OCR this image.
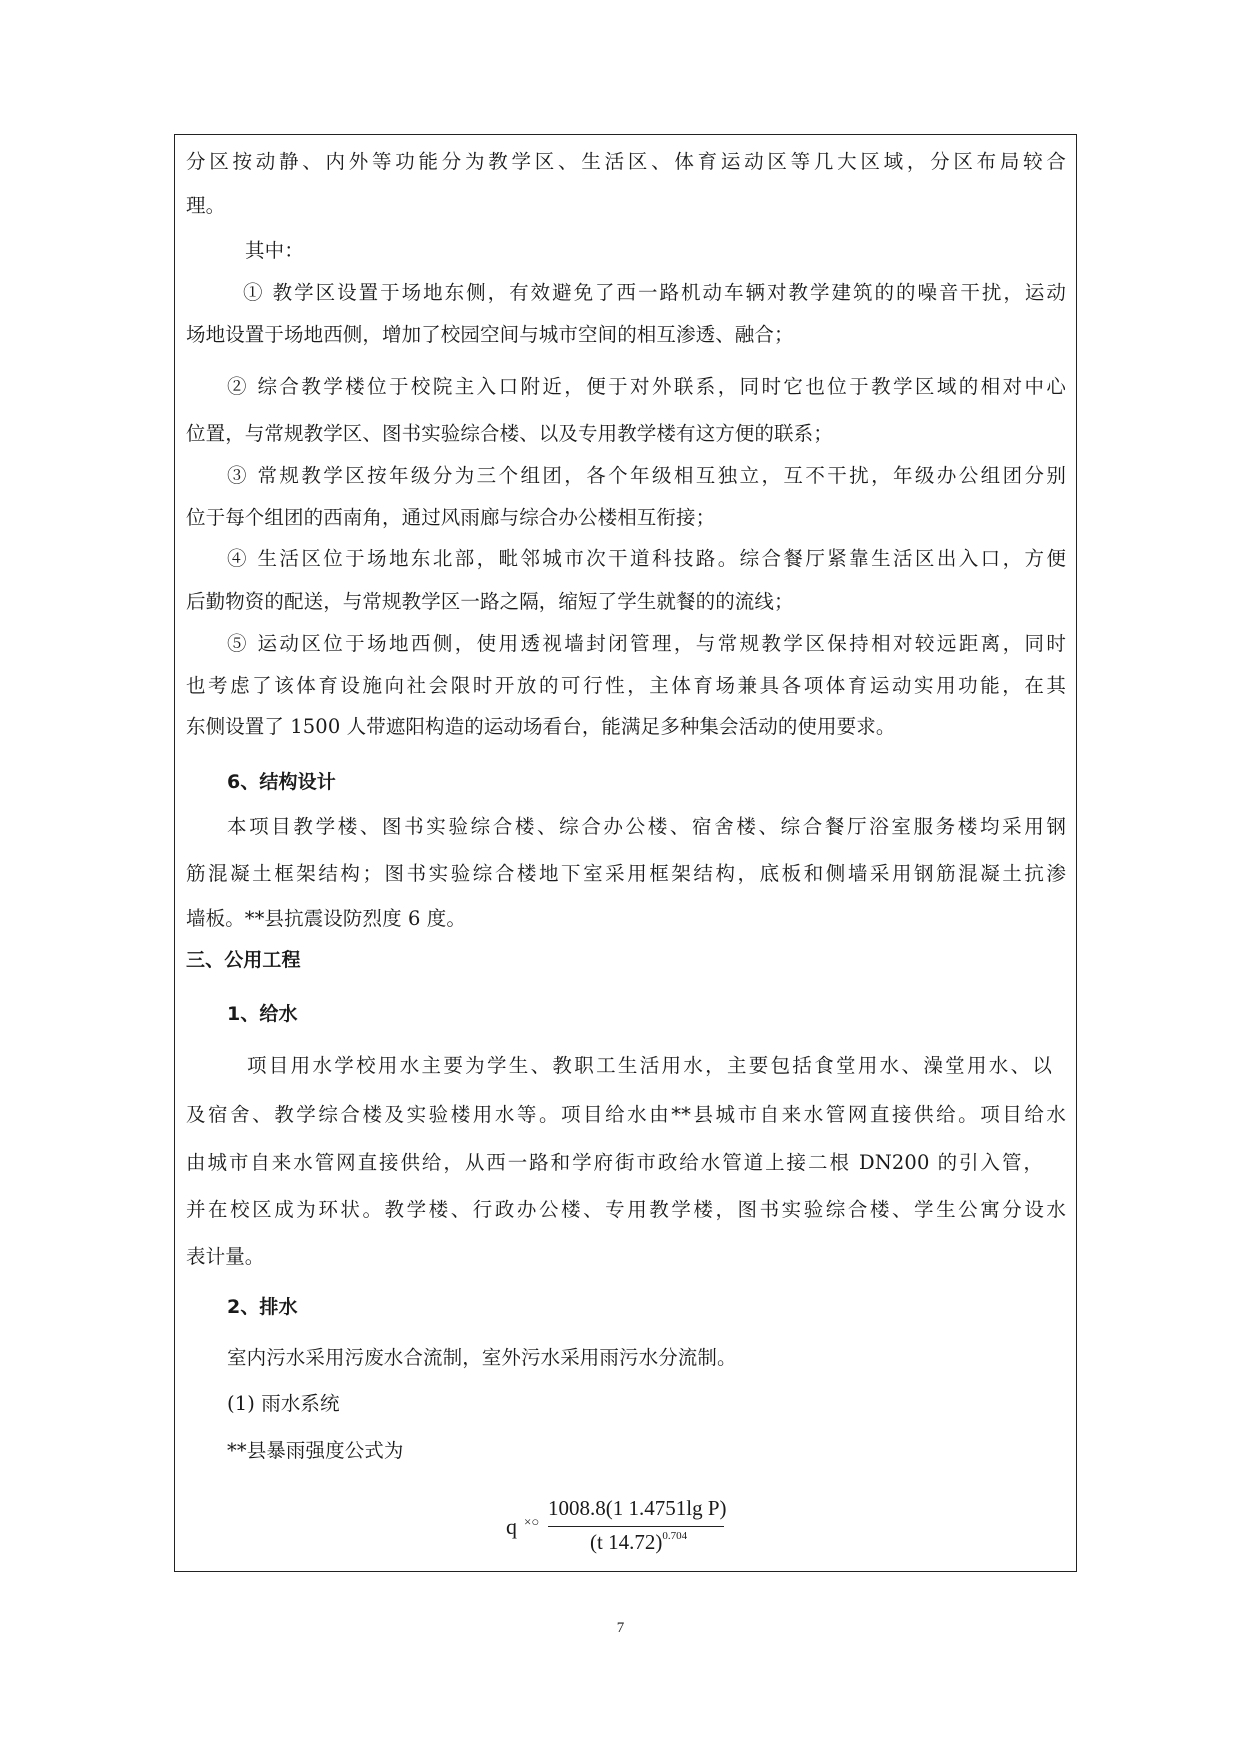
分区按动静、内外等功能分为教学区、生活区、体育运动区等几大区域，分区布局较合
理。
其中：
① 教学区设置于场地东侧，有效避免了西一路机动车辆对教学建筑的的噪音干扰，运动
场地设置于场地西侧，增加了校园空间与城市空间的相互渗透、融合；
② 综合教学楼位于校院主入口附近，便于对外联系，同时它也位于教学区域的相对中心
位置，与常规教学区、图书实验综合楼、以及专用教学楼有这方便的联系；
③ 常规教学区按年级分为三个组团，各个年级相互独立，互不干扰，年级办公组团分别
位于每个组团的西南角，通过风雨廊与综合办公楼相互衔接；
④ 生活区位于场地东北部，毗邻城市次干道科技路。综合餐厅紧靠生活区出入口，方便
后勤物资的配送，与常规教学区一路之隔，缩短了学生就餐的的流线；
⑤ 运动区位于场地西侧，使用透视墙封闭管理，与常规教学区保持相对较远距离，同时
也考虑了该体育设施向社会限时开放的可行性，主体育场兼具各项体育运动实用功能，在其
东侧设置了 1500 人带遮阳构造的运动场看台，能满足多种集会活动的使用要求。
6、结构设计
本项目教学楼、图书实验综合楼、综合办公楼、宿舍楼、综合餐厅浴室服务楼均采用钢
筋混凝土框架结构；图书实验综合楼地下室采用框架结构，底板和侧墙采用钢筋混凝土抗渗
墙板。**县抗震设防烈度 6 度。
三、公用工程
1、给水
项目用水学校用水主要为学生、教职工生活用水，主要包括食堂用水、澡堂用水、以
及宿舍、教学综合楼及实验楼用水等。项目给水由**县城市自来水管网直接供给。项目给水
由城市自来水管网直接供给，从西一路和学府街市政给水管道上接二根 DN200 的引入管，
并在校区成为环状。教学楼、行政办公楼、专用教学楼，图书实验综合楼、学生公寓分设水
表计量。
2、排水
室内污水采用污废水合流制，室外污水采用雨污水分流制。
(1) 雨水系统
**县暴雨强度公式为
q ×○
1008.8(1 1.4751lg P)
(t 14.72)$^{0.704}$
7
